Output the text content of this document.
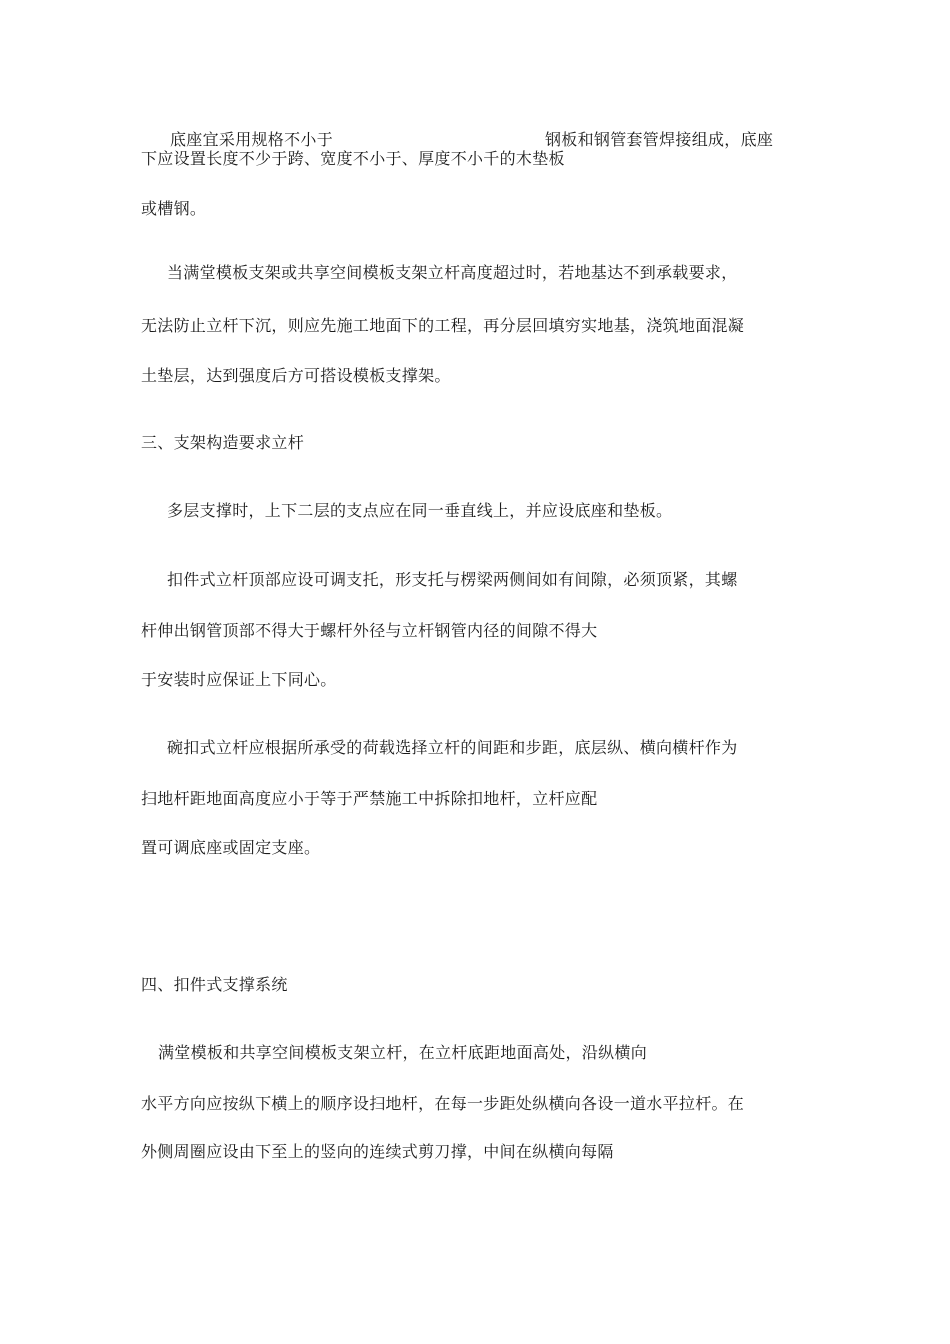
底座宜采用规格不小于	钢板和钢管套管焊接组成，底座
下应设置长度不少于跨、宽度不小于、厚度不小千的木垫板
或槽钢。
当满堂模板支架或共享空间模板支架立杆高度超过时，若地基达不到承载要求，
无法防止立杆下沉，则应先施工地面下的工程，再分层回填穷实地基，浇筑地面混凝
土垫层，达到强度后方可搭设模板支撑架。
三、支架构造要求立杆
多层支撑时，上下二层的支点应在同一垂直线上，并应设底座和垫板。
扣件式立杆顶部应设可调支托，形支托与楞梁两侧间如有间隙，必须顶紧，其螺
杆伸出钢管顶部不得大于螺杆外径与立杆钢管内径的间隙不得大
于安装时应保证上下同心。
碗扣式立杆应根据所承受的荷载选择立杆的间距和步距，底层纵、横向横杆作为
扫地杆距地面高度应小于等于严禁施工中拆除扣地杆，立杆应配
置可调底座或固定支座。
四、扣件式支撑系统
满堂模板和共享空间模板支架立杆，在立杆底距地面高处，沿纵横向
水平方向应按纵下横上的顺序设扫地杆，在每一步距处纵横向各设一道水平拉杆。在
外侧周圈应设由下至上的竖向的连续式剪刀撑，中间在纵横向每隔
